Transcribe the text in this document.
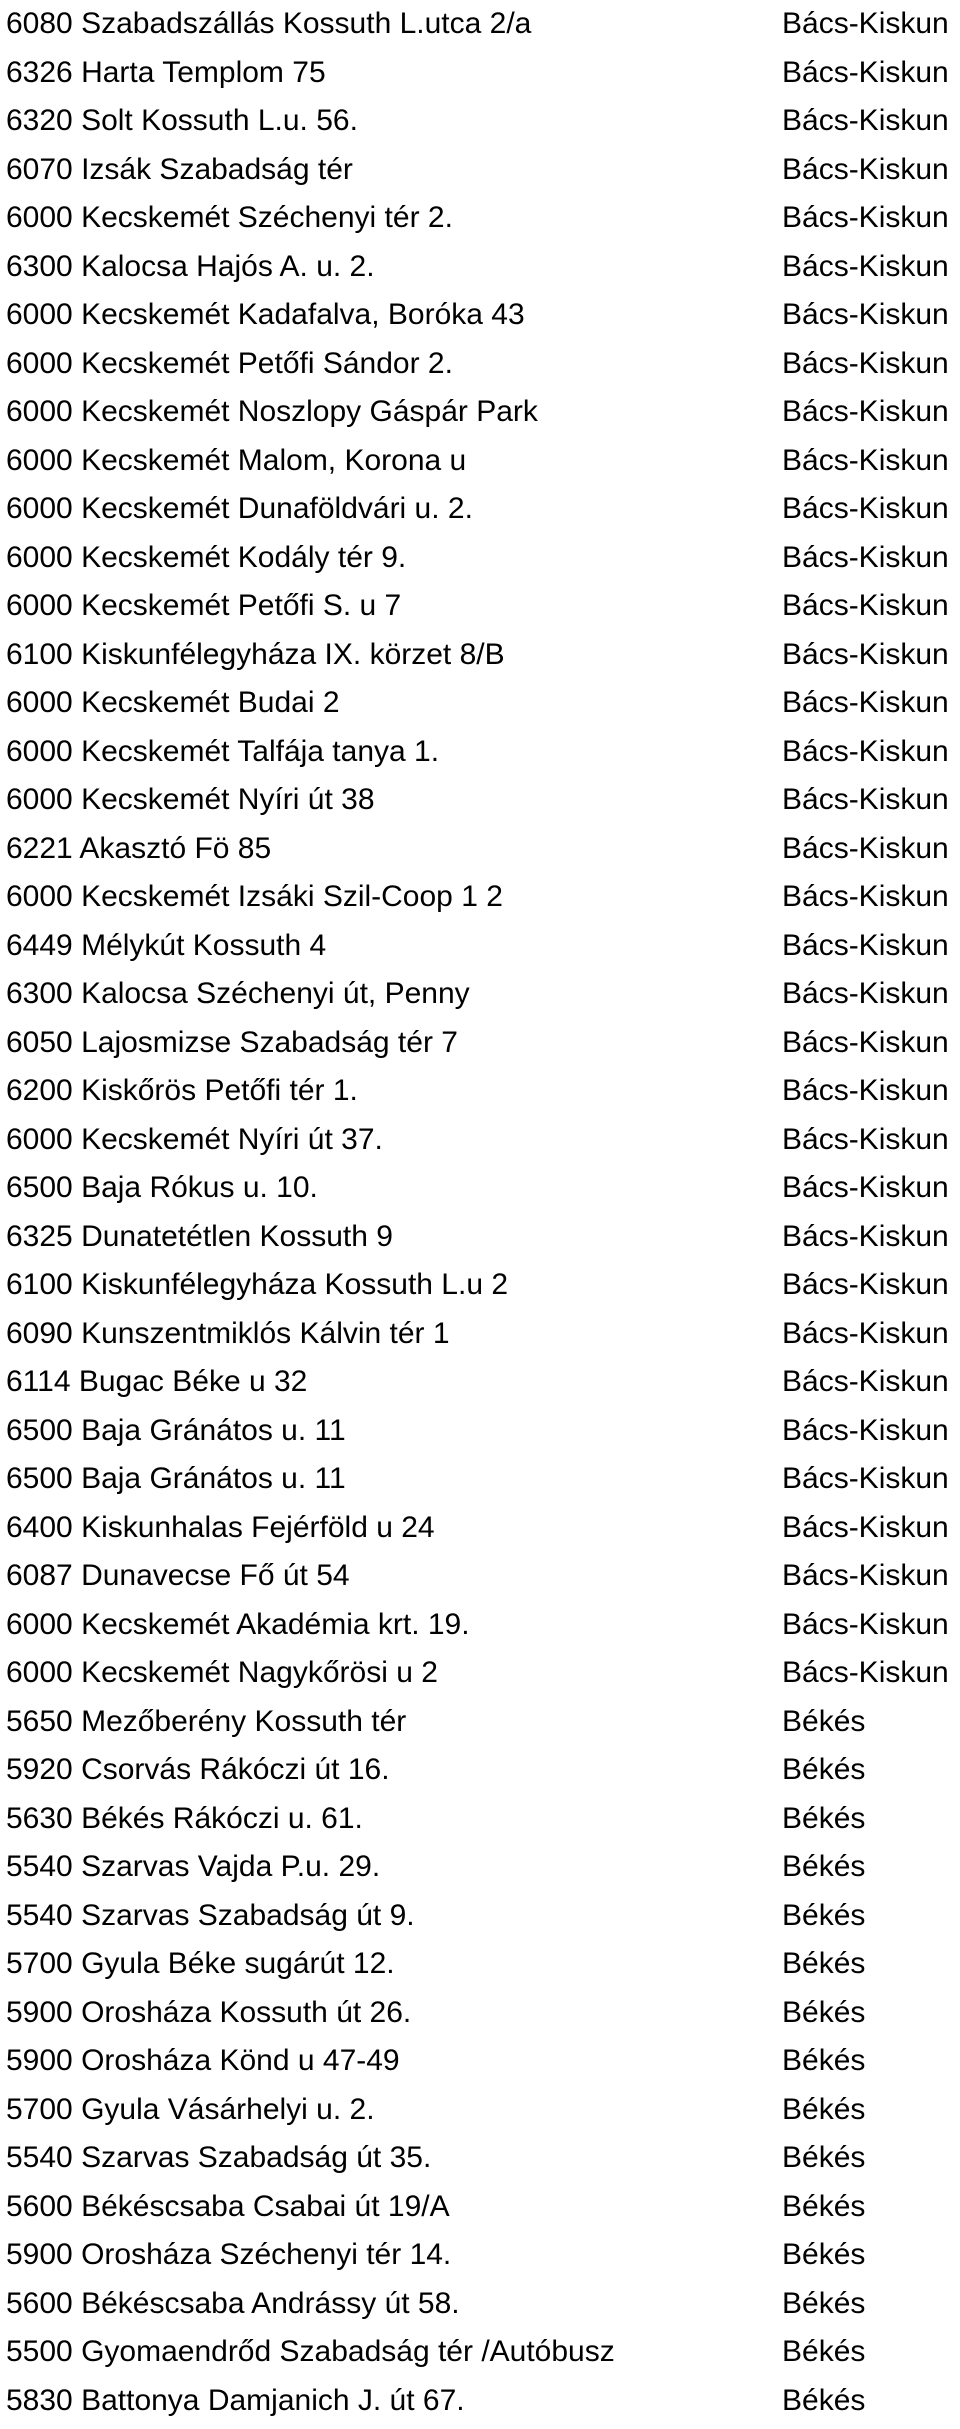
6080 Szabadszállás Kossuth L.utca 2/a	Bács-Kiskun
6326 Harta Templom 75	Bács-Kiskun
6320 Solt Kossuth L.u. 56.	Bács-Kiskun
6070 Izsák Szabadság tér	Bács-Kiskun
6000 Kecskemét Széchenyi tér 2.	Bács-Kiskun
6300 Kalocsa Hajós A. u. 2.	Bács-Kiskun
6000 Kecskemét Kadafalva, Boróka 43	Bács-Kiskun
6000 Kecskemét Petőfi Sándor 2.	Bács-Kiskun
6000 Kecskemét Noszlopy Gáspár Park	Bács-Kiskun
6000 Kecskemét Malom, Korona u	Bács-Kiskun
6000 Kecskemét Dunaföldvári u. 2.	Bács-Kiskun
6000 Kecskemét Kodály tér 9.	Bács-Kiskun
6000 Kecskemét Petőfi S. u 7	Bács-Kiskun
6100 Kiskunfélegyháza IX. körzet 8/B	Bács-Kiskun
6000 Kecskemét Budai 2	Bács-Kiskun
6000 Kecskemét Talfája tanya 1.	Bács-Kiskun
6000 Kecskemét Nyíri út 38	Bács-Kiskun
6221 Akasztó Fö 85	Bács-Kiskun
6000 Kecskemét Izsáki Szil-Coop 1 2	Bács-Kiskun
6449 Mélykút Kossuth 4	Bács-Kiskun
6300 Kalocsa Széchenyi út, Penny	Bács-Kiskun
6050 Lajosmizse Szabadság tér 7	Bács-Kiskun
6200 Kiskőrös Petőfi tér 1.	Bács-Kiskun
6000 Kecskemét Nyíri út 37.	Bács-Kiskun
6500 Baja Rókus u. 10.	Bács-Kiskun
6325 Dunatetétlen Kossuth 9	Bács-Kiskun
6100 Kiskunfélegyháza Kossuth L.u 2	Bács-Kiskun
6090 Kunszentmiklós Kálvin tér 1	Bács-Kiskun
6114 Bugac Béke u 32	Bács-Kiskun
6500 Baja Gránátos u. 11	Bács-Kiskun
6500 Baja Gránátos u. 11	Bács-Kiskun
6400 Kiskunhalas Fejérföld u 24	Bács-Kiskun
6087 Dunavecse Fő út 54	Bács-Kiskun
6000 Kecskemét Akadémia krt. 19.	Bács-Kiskun
6000 Kecskemét Nagykőrösi u 2	Bács-Kiskun
5650 Mezőberény Kossuth tér	Békés
5920 Csorvás Rákóczi út 16.	Békés
5630 Békés Rákóczi u. 61.	Békés
5540 Szarvas Vajda P.u. 29.	Békés
5540 Szarvas Szabadság út 9.	Békés
5700 Gyula Béke sugárút 12.	Békés
5900 Orosháza Kossuth út 26.	Békés
5900 Orosháza Könd u 47-49	Békés
5700 Gyula Vásárhelyi u. 2.	Békés
5540 Szarvas Szabadság út 35.	Békés
5600 Békéscsaba Csabai út 19/A	Békés
5900 Orosháza Széchenyi tér 14.	Békés
5600 Békéscsaba Andrássy út 58.	Békés
5500 Gyomaendrőd Szabadság tér /Autóbusz	Békés
5830 Battonya Damjanich J. út 67.	Békés
